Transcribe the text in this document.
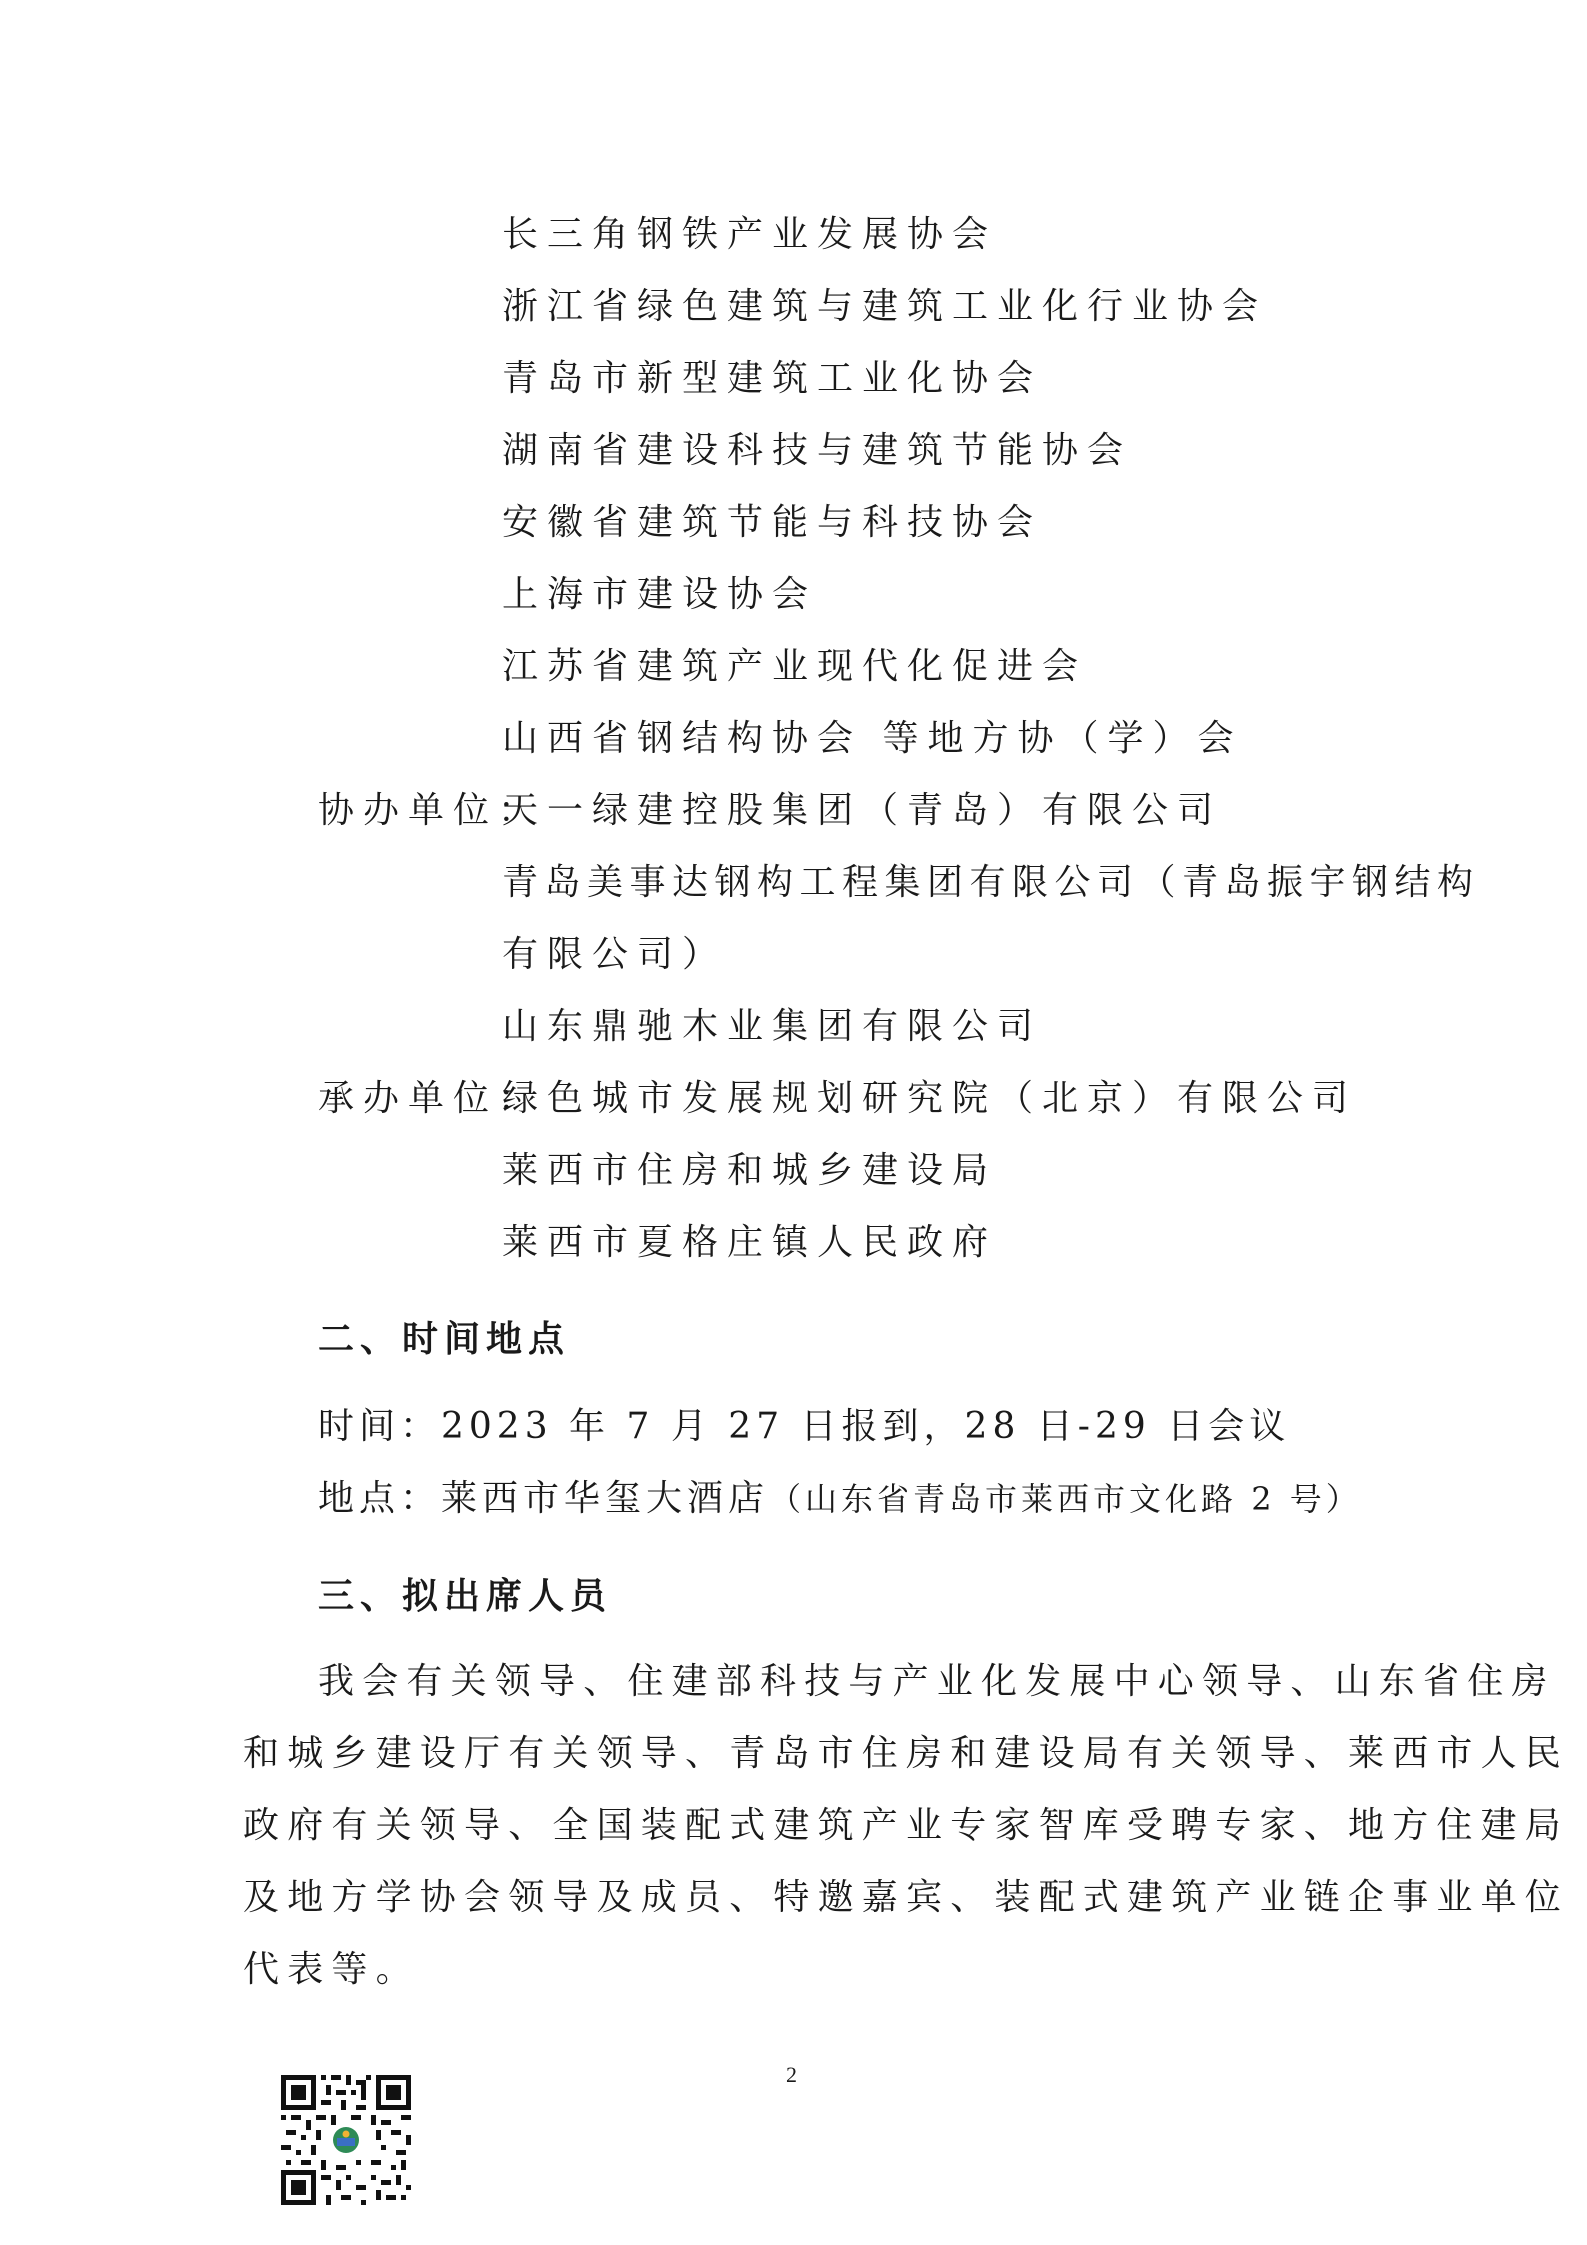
长三角钢铁产业发展协会
浙江省绿色建筑与建筑工业化行业协会
青岛市新型建筑工业化协会
湖南省建设科技与建筑节能协会
安徽省建筑节能与科技协会
上海市建设协会
江苏省建筑产业现代化促进会
山西省钢结构协会 等地方协（学）会
协办单位：
天一绿建控股集团（青岛）有限公司
青岛美事达钢构工程集团有限公司（青岛振宇钢结构
有限公司）
山东鼎驰木业集团有限公司
承办单位：
绿色城市发展规划研究院（北京）有限公司
莱西市住房和城乡建设局
莱西市夏格庄镇人民政府
二、时间地点
时间：2023 年 7 月 27 日报到，28 日-29 日会议
地点：莱西市华玺大酒店（山东省青岛市莱西市文化路 2 号）
三、拟出席人员
我会有关领导、住建部科技与产业化发展中心领导、山东省住房
和城乡建设厅有关领导、青岛市住房和建设局有关领导、莱西市人民
政府有关领导、全国装配式建筑产业专家智库受聘专家、地方住建局
及地方学协会领导及成员、特邀嘉宾、装配式建筑产业链企事业单位
代表等。
2
